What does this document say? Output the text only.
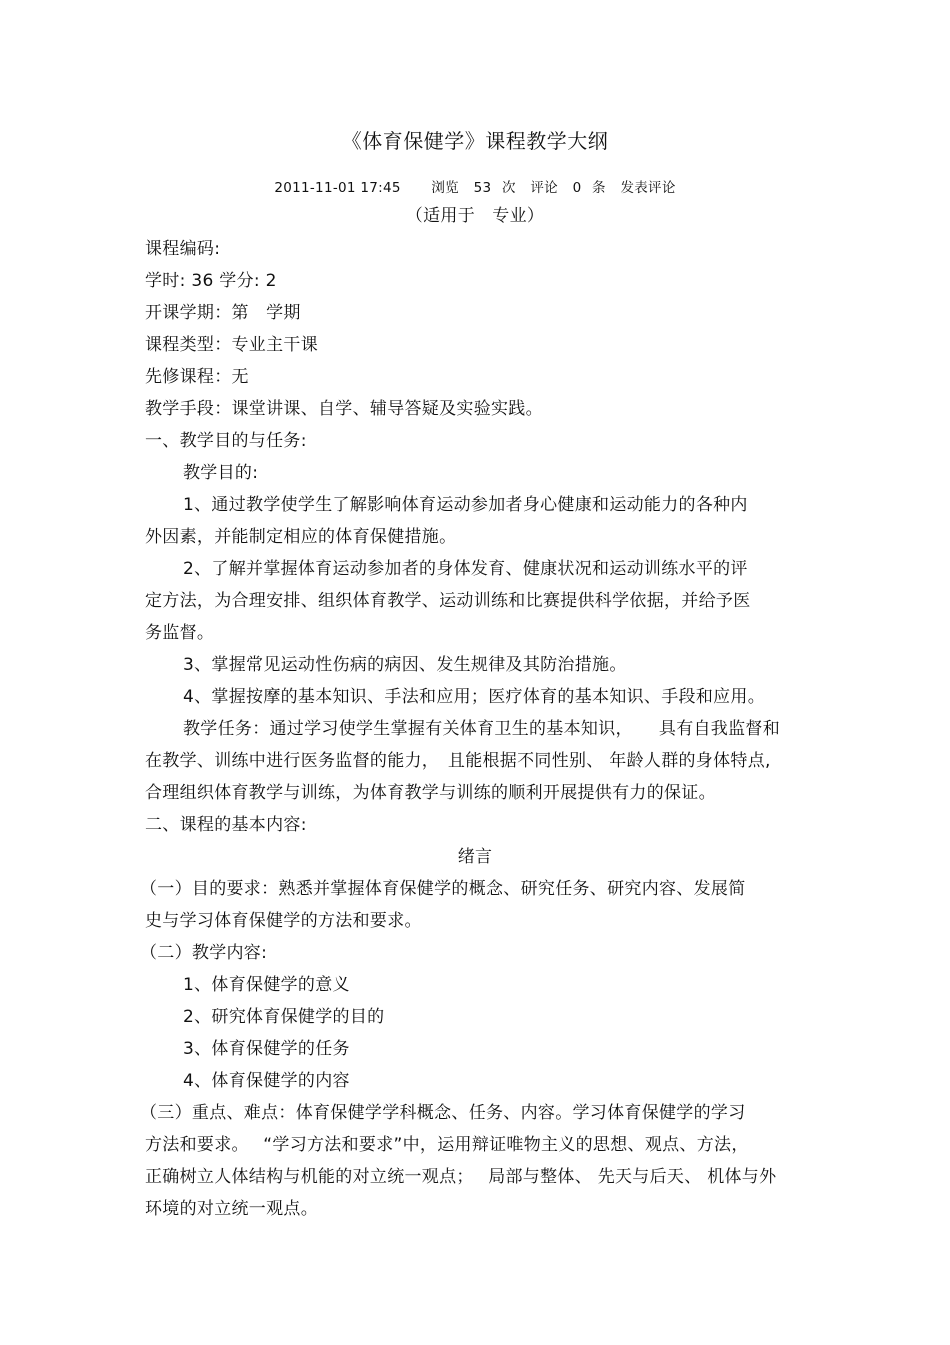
《体育保健学》课程教学大纲
2011-11-01 17:45 浏览 53 次 评论 0 条 发表评论
（适用于　专业）
课程编码:
学时: 36 学分: 2
开课学期：第　学期
课程类型：专业主干课
先修课程：无
教学手段：课堂讲课、自学、辅导答疑及实验实践。
一、教学目的与任务:
教学目的:
1、通过教学使学生了解影响体育运动参加者身心健康和运动能力的各种内
外因素，并能制定相应的体育保健措施。
2、了解并掌握体育运动参加者的身体发育、健康状况和运动训练水平的评
定方法，为合理安排、组织体育教学、运动训练和比赛提供科学依据，并给予医
务监督。
3、掌握常见运动性伤病的病因、发生规律及其防治措施。
4、掌握按摩的基本知识、手法和应用；医疗体育的基本知识、手段和应用。
教学任务：通过学习使学生掌握有关体育卫生的基本知识，　　具有自我监督和
在教学、训练中进行医务监督的能力，　且能根据不同性别、 年龄人群的身体特点,
合理组织体育教学与训练，为体育教学与训练的顺利开展提供有力的保证。
二、课程的基本内容:
绪言
（一）目的要求：熟悉并掌握体育保健学的概念、研究任务、研究内容、发展简
史与学习体育保健学的方法和要求。
（二）教学内容:
1、体育保健学的意义
2、研究体育保健学的目的
3、体育保健学的任务
4、体育保健学的内容
（三）重点、难点：体育保健学学科概念、任务、内容。学习体育保健学的学习
方法和要求。　 “学习方法和要求”中，运用辩证唯物主义的思想、观点、方法，
正确树立人体结构与机能的对立统一观点；　 局部与整体、 先天与后天、 机体与外
环境的对立统一观点。
